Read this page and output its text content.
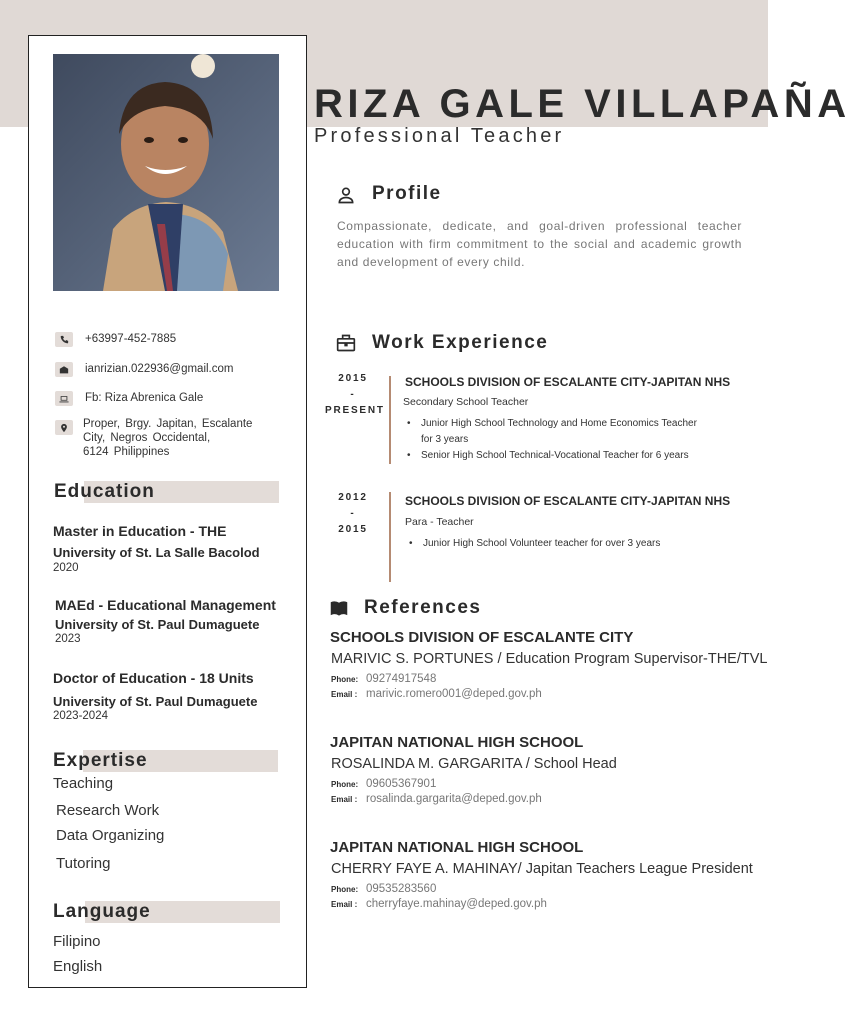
+63997-452-7885
ianrizian.022936@gmail.com
Fb: Riza Abrenica Gale
Proper, Brgy. Japitan, Escalante
City, Negros Occidental,
6124 Philippines
Education
Master in Education - THE
University of St. La Salle Bacolod
2020
MAEd - Educational Management
University of St. Paul Dumaguete
2023
Doctor of Education - 18 Units
University of St. Paul Dumaguete
2023-2024
Expertise
Teaching
Research Work
Data Organizing
Tutoring
Language
Filipino
English
RIZA GALE VILLAPAÑA
Professional Teacher
Profile
Compassionate, dedicate, and goal-driven professional teacher education with firm commitment to the social and academic growth and development of every child.
Work Experience
2015
-
PRESENT
SCHOOLS DIVISION OF ESCALANTE CITY-JAPITAN NHS
Secondary School Teacher
• Junior High School Technology and Home Economics Teacher for 3 years
• Senior High School Technical-Vocational Teacher for 6 years
2012
-
2015
SCHOOLS DIVISION OF ESCALANTE CITY-JAPITAN NHS
Para - Teacher
• Junior High School Volunteer teacher for over 3 years
References
SCHOOLS DIVISION OF ESCALANTE CITY
MARIVIC S. PORTUNES / Education Program Supervisor-THE/TVL
Phone: 09274917548
Email : marivic.romero001@deped.gov.ph
JAPITAN NATIONAL HIGH SCHOOL
ROSALINDA M. GARGARITA / School Head
Phone: 09605367901
Email : rosalinda.gargarita@deped.gov.ph
JAPITAN NATIONAL HIGH SCHOOL
CHERRY FAYE A. MAHINAY/ Japitan Teachers League President
Phone: 09535283560
Email : cherryfaye.mahinay@deped.gov.ph
